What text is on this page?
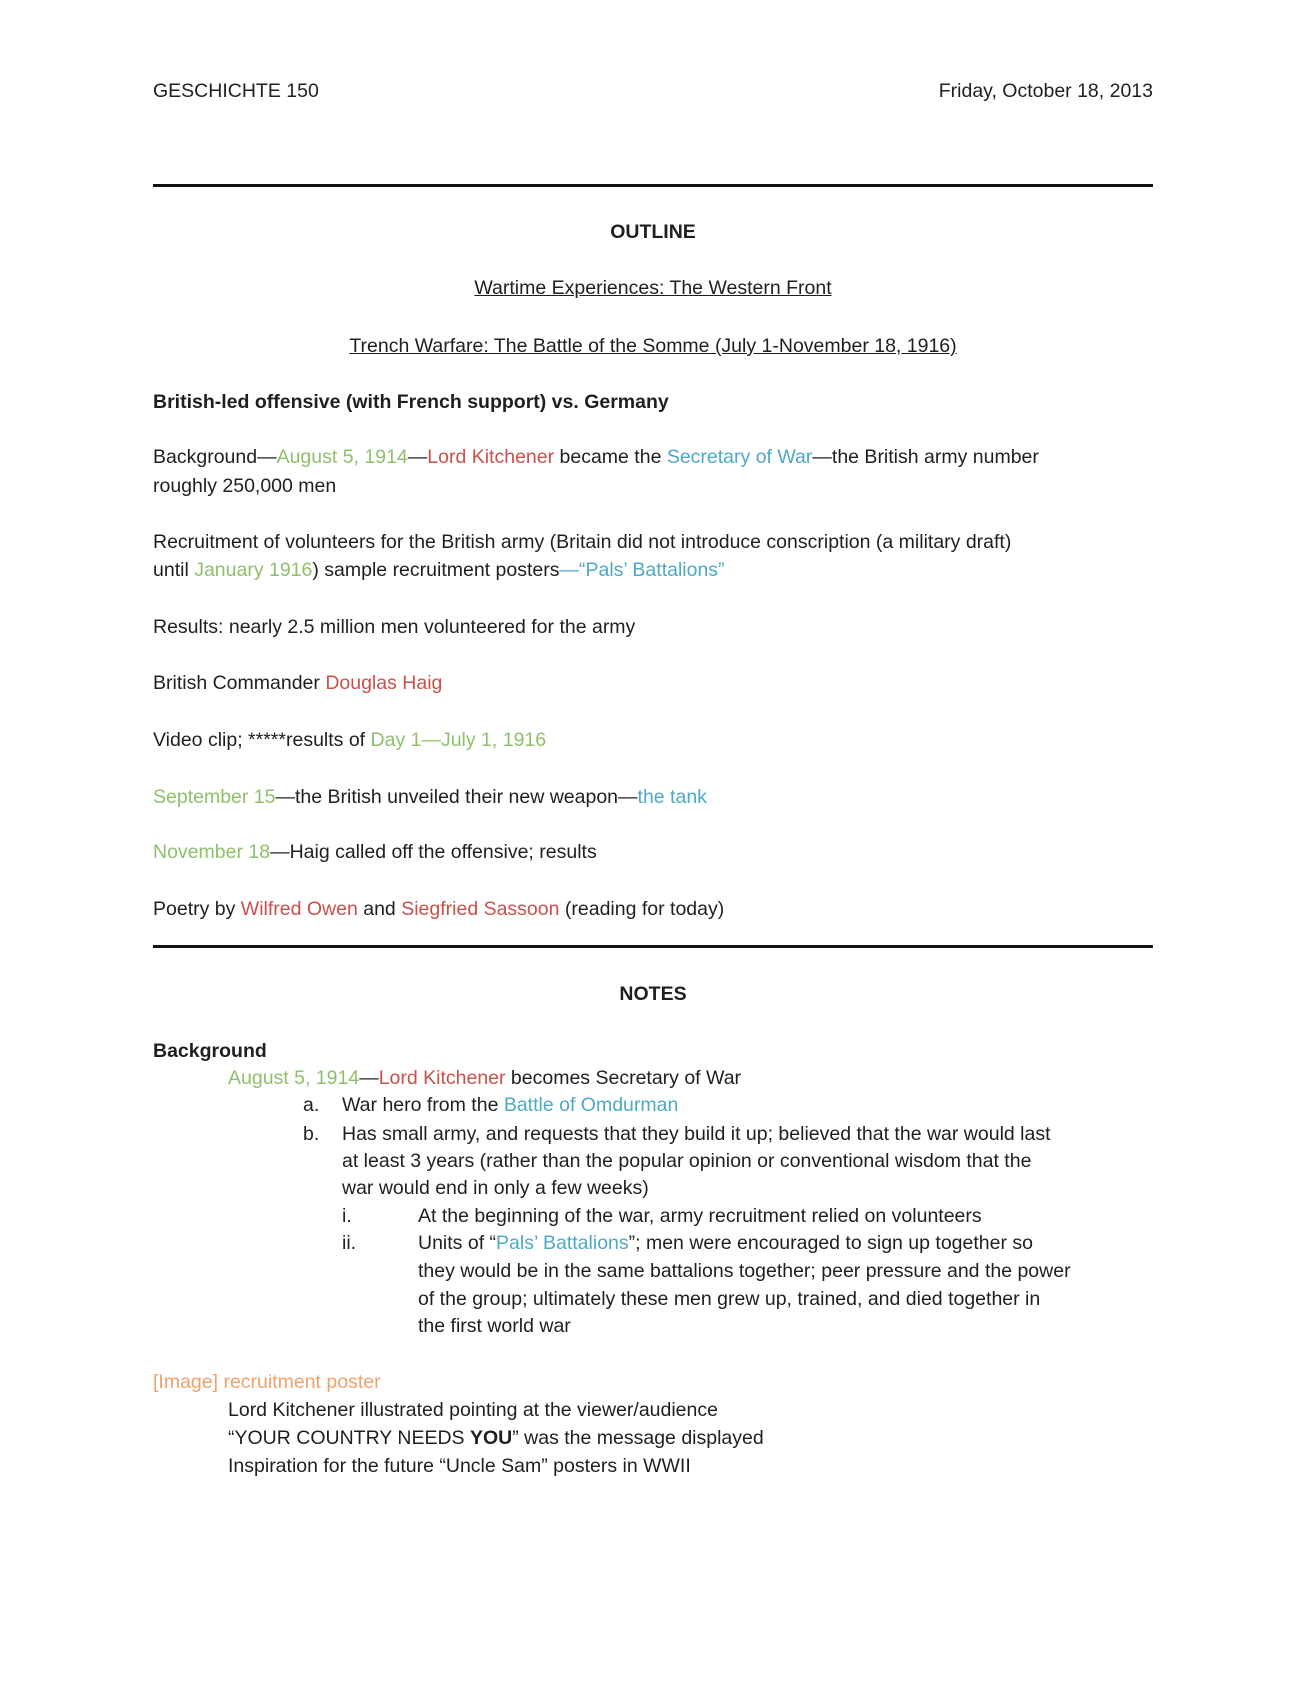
GESCHICHTE 150	Friday, October 18, 2013
OUTLINE
Wartime Experiences: The Western Front
Trench Warfare: The Battle of the Somme (July 1-November 18, 1916)
British-led offensive (with French support) vs. Germany
Background—August 5, 1914—Lord Kitchener became the Secretary of War—the British army number
roughly 250,000 men
Recruitment of volunteers for the British army (Britain did not introduce conscription (a military draft)
until January 1916) sample recruitment posters—“Pals’ Battalions”
Results: nearly 2.5 million men volunteered for the army
British Commander Douglas Haig
Video clip; *****results of Day 1—July 1, 1916
September 15—the British unveiled their new weapon—the tank
November 18—Haig called off the offensive; results
Poetry by Wilfred Owen and Siegfried Sassoon (reading for today)
NOTES
Background
August 5, 1914—Lord Kitchener becomes Secretary of War
a. War hero from the Battle of Omdurman
b. Has small army, and requests that they build it up; believed that the war would last
at least 3 years (rather than the popular opinion or conventional wisdom that the
war would end in only a few weeks)
i.	At the beginning of the war, army recruitment relied on volunteers
ii.	Units of “Pals’ Battalions”; men were encouraged to sign up together so
they would be in the same battalions together; peer pressure and the power
of the group; ultimately these men grew up, trained, and died together in
the first world war
[Image] recruitment poster
Lord Kitchener illustrated pointing at the viewer/audience
“YOUR COUNTRY NEEDS YOU” was the message displayed
Inspiration for the future “Uncle Sam” posters in WWII
